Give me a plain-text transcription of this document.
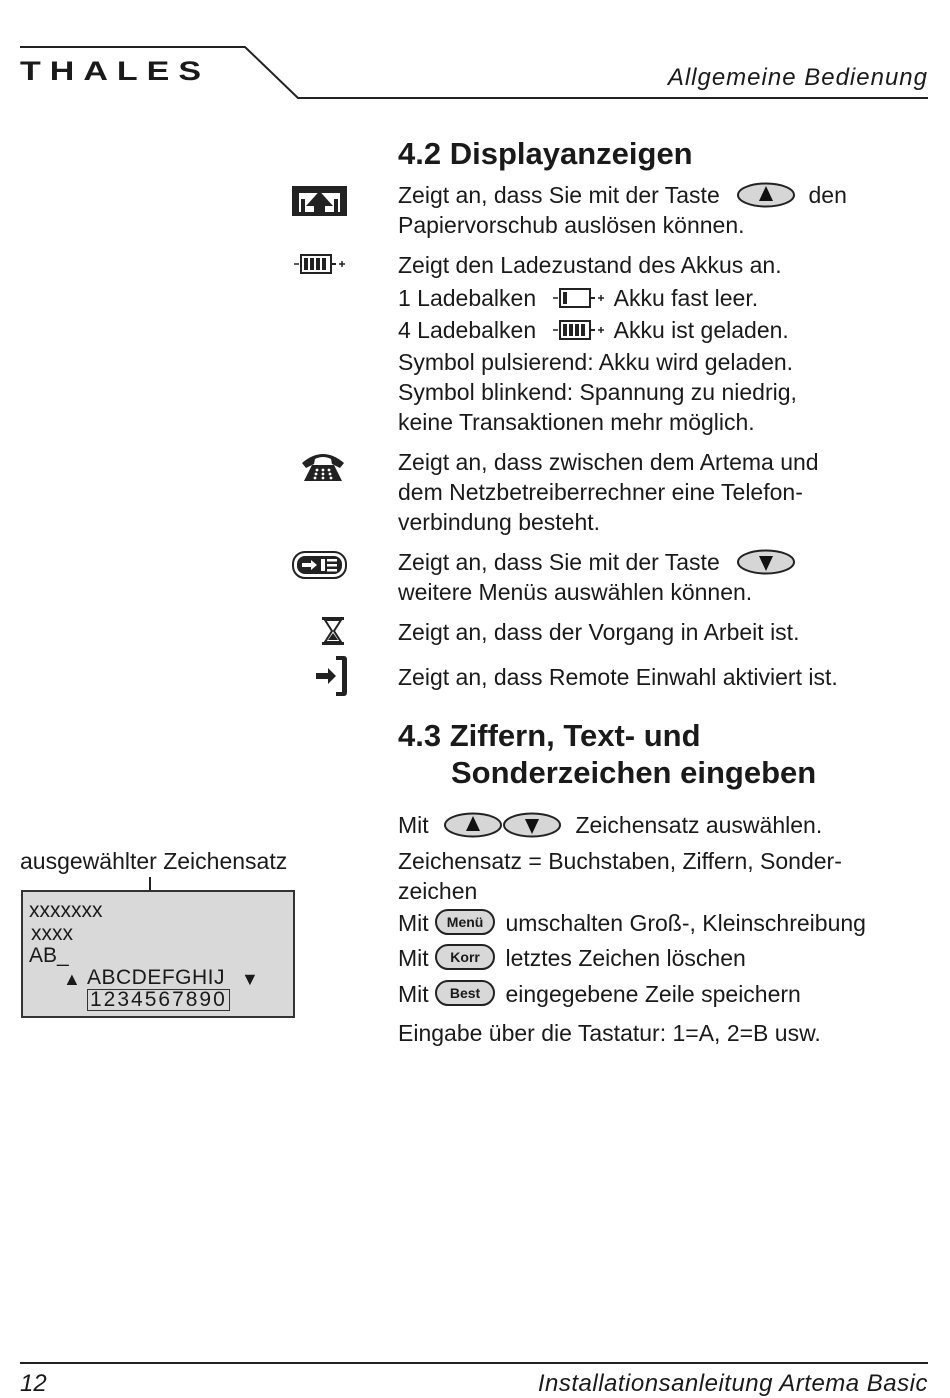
THALES	Allgemeine Bedienung
4.2 Displayanzeigen
Zeigt an, dass Sie mit der Taste	den
Papiervorschub auslösen können.
Zeigt den Ladezustand des Akkus an.
1 Ladebalken	Akku fast leer.
4 Ladebalken	Akku ist geladen.
Symbol pulsierend: Akku wird geladen.
Symbol blinkend: Spannung zu niedrig,
keine Transaktionen mehr möglich.
Zeigt an, dass zwischen dem Artema und
dem Netzbetreiberrechner eine Telefon-
verbindung besteht.
Zeigt an, dass Sie mit der Taste
weitere Menüs auswählen können.
Zeigt an, dass der Vorgang in Arbeit ist.
Zeigt an, dass Remote Einwahl aktiviert ist.
4.3 Ziffern, Text- und
Sonderzeichen eingeben
Mit	Zeichensatz auswählen.
Zeichensatz = Buchstaben, Ziffern, Sonder-
zeichen
Mit Menü umschalten Groß-, Kleinschreibung
Mit Korr letztes Zeichen löschen
Mit Best eingegebene Zeile speichern
Eingabe über die Tastatur: 1=A, 2=B usw.
ausgewählter Zeichensatz
xxxxxxx
xxxx
AB_
▲ ABCDEFGHIJ ▼
1234567890
12	Installationsanleitung Artema Basic
